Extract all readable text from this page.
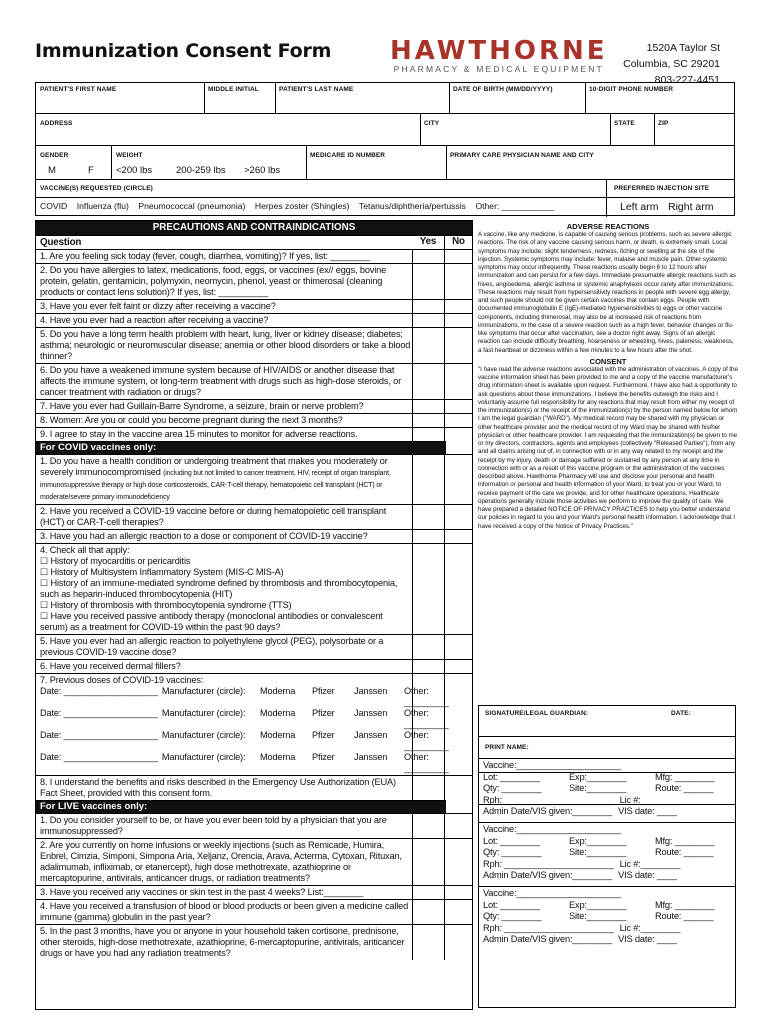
Immunization Consent Form HAWTHORNE
PHARMACY & MEDICAL EQUIPMENT
1520A Taylor St
Columbia, SC 29201
803-227-4451
PATIENT'S FIRST NAME	MIDDLE INITIAL	PATIENT'S LAST NAME	DATE OF BIRTH (MM/DD/YYYY)	10-DIGIT PHONE NUMBER
ADDRESS	CITY	STATE	ZIP
GENDER
M	F
WEIGHT
<200 lbs	200-259 lbs >260 lbs
MEDICARE ID NUMBER	PRIMARY CARE PHYSICIAN NAME AND CITY
VACCINE(S) REQUESTED (CIRCLE)	PREFERRED INJECTION SITE
COVID    Influenza (flu)    Pneumococcal (pneumonia)    Herpes zoster (Shingles)    Tetanus/diphtheria/pertussis    Other: ___________	Left arm Right arm
PRECAUTIONS AND CONTRAINDICATIONS
Question	Yes	No
1. Are you feeling sick today (fever, cough, diarrhea, vomiting)? If yes, list: ________
2. Do you have allergies to latex, medications, food, eggs, or vaccines (ex// eggs, bovine protein, gelatin, gentamicin, polymyxin, neomycin, phenol, yeast or thimerosal (cleaning products or contact lens solution)? If yes, list: __________
3. Have you ever felt faint or dizzy after receiving a vaccine?
4. Have you ever had a reaction after receiving a vaccine?
5. Do you have a long term health problem with heart, lung, liver or kidney disease; diabetes; asthma; neurologic or neuromuscular disease; anemia or other blood disorders or take a blood thinner?
6. Do you have a weakened immune system because of HIV/AIDS or another disease that affects the immune system, or long-term treatment with drugs such as high-dose steroids, or cancer treatment with radiation or drugs?
7. Have you ever had Guillain-Barre Syndrome, a seizure, brain or nerve problem?
8. Women: Are you or could you become pregnant during the next 3 months?
9. I agree to stay in the vaccine area 15 minutes to monitor for adverse reactions.
For COVID vaccines only:
1. Do you have a health condition or undergoing treatment that makes you moderately or severely immunocompromised (including but not limited to cancer treatment, HIV, receipt of organ transplant, immunosuppressive therapy or high dose corticosteroids, CAR-T-cell therapy, hematopoietic cell transplant (HCT) or moderate/severe primary immunodeficiency
2. Have you received a COVID-19 vaccine before or during hematopoietic cell transplant (HCT) or CAR-T-cell therapies?
3. Have you had an allergic reaction to a dose or component of COVID-19 vaccine?
4. Check all that apply:
☐ History of myocarditis or pericarditis
☐ History of Multisystem Inflammatory System (MIS-C MIS-A)
☐ History of an immune-mediated syndrome defined by thrombosis and thrombocytopenia, such as heparin-induced thrombocytopenia (HIT)
☐ History of thrombosis with thrombocytopenia syndrome (TTS)
☐ Have you received passive antibody therapy (monoclonal antibodies or convalescent serum) as a treatment for COVID-19 within the past 90 days?
5. Have you ever had an allergic reaction to polyethylene glycol (PEG), polysorbate or a previous COVID-19 vaccine dose?
6. Have you received dermal fillers?
7. Previous doses of COVID-19 vaccines:
Date: ___________________ Manufacturer (circle):	Moderna	Pfizer	Janssen	Other: _________
Date: ___________________ Manufacturer (circle):	Moderna	Pfizer	Janssen	Other: _________
Date: ___________________ Manufacturer (circle):	Moderna	Pfizer	Janssen	Other: _________
Date: ___________________ Manufacturer (circle):	Moderna	Pfizer	Janssen	Other: _________
8. I understand the benefits and risks described in the Emergency Use Authorization (EUA) Fact Sheet, provided with this consent form.
For LIVE vaccines only:
1. Do you consider yourself to be, or have you ever been told by a physician that you are immunosuppressed?
2. Are you currently on home infusions or weekly injections (such as Remicade, Humira, Enbrel, Cimzia, Simponi, Simpona Aria, Xeljanz, Orencia, Arava, Acterma, Cytoxan, Rituxan, adalimumab, infliximab, or etanercept), high dose methotrexate, azathioprine or mercaptopurine, antivirals, anticancer drugs, or radiation treatments?
3. Have you received any vaccines or skin test in the past 4 weeks? List:________
4. Have you received a transfusion of blood or blood products or been given a medicine called immune (gamma) globulin in the past year?
5. In the past 3 months, have you or anyone in your household taken cortisone, prednisone, other steroids, high-dose methotrexate, azathioprine, 6-mercaptopurine, antivirals, anticancer drugs or have you had any radiation treatments?
ADVERSE REACTIONS
A vaccine, like any medicine, is capable of causing serious problems, such as severe allergic reactions. The risk of any vaccine causing serious harm, or death, is extremely small. Local symptoms may include: slight tenderness, redness, itching or swelling at the site of the injection. Systemic symptoms may include: fever, malaise and muscle pain. Other systemic symptoms may occur infrequently. These reactions usually begin 6 to 12 hours after immunization and can persist for a few days. Immediate presumable allergic reactions such as hives, angioedema, allergic asthma or systemic anaphylaxis occur rarely after immunizations. These reactions may result from hypersensitivity reactions in people with severe egg allergy, and such people should not be given certain vaccines that contain eggs. People with documented immunoglobulin E (IgE)-mediated hypersensitivities to eggs or other vaccine components, including thimerosal, may also be at increased risk of reactions from immunizations. In the case of a severe reaction such as a high fever, behavior changes or flu-like symptoms that occur after vaccination, see a doctor right away. Signs of an allergic reaction can include difficulty breathing, hoarseness or wheezing, hives, paleness, weakness, a fast heartbeat or dizziness within a few minutes to a few hours after the shot.
CONSENT
"I have read the adverse reactions associated with the administration of vaccines. A copy of the vaccine information sheet has been provided to me and a copy of the vaccine manufacturer's drug information sheet is available upon request. Furthermore, I have also had a opportunity to ask questions about these immunizations. I believe the benefits outweigh the risks and I voluntarily assume full responsibility for any reactions that may result from either my receipt of the immunization(s) or the receipt of the immunization(s) by the person named below for whom I am the legal guardian ("WARD"). My medical record may be shared with my physician or other healthcare provider and the medical record of my Ward may be shared with his/her physician or other healthcare provider. I am requesting that the immunization(s) be given to me or my directors, contractors, agents and employees (collectively "Released Parties"), from any and all claims arising out of, in connection with or in any way related to my receipt and the receipt by my injury, death or damage suffered or sustained by any person at any time in connection with or as a result of this vaccine program or the administration of the vaccines described above. Hawthorne Pharmacy will use and disclose your personal and health information or personal and health information of your Ward, to treat you or your Ward, to receive payment of the care we provide, and for other healthcare operations. Healthcare operations generally include those activities we perform to improve the quality of care. We have prepared a detailed NOTICE OF PRIVACY PRACTICES to help you better understand our policies in regard to you and your Ward's personal health information. I acknowledge that I have received a copy of the Notice of Privacy Practices."
SIGNATURE/LEGAL GUARDIAN:	DATE:
PRINT NAME:
Vaccine:_____________________
Lot: ________	Exp:________	Mfg: ________
Qty: ________	Site:________	Route: ______
Rph: ______________________ Lic #:________
Admin Date/VIS given:________ VIS date: ____
Vaccine:_____________________
Lot: ________	Exp:________	Mfg: ________
Qty: ________	Site:________	Route: ______
Rph: ______________________ Lic #:________
Admin Date/VIS given:________ VIS date: ____
Vaccine:_____________________
Lot: ________	Exp:________	Mfg: ________
Qty: ________	Site:________	Route: ______
Rph: ______________________ Lic #:________
Admin Date/VIS given:________ VIS date: ____
